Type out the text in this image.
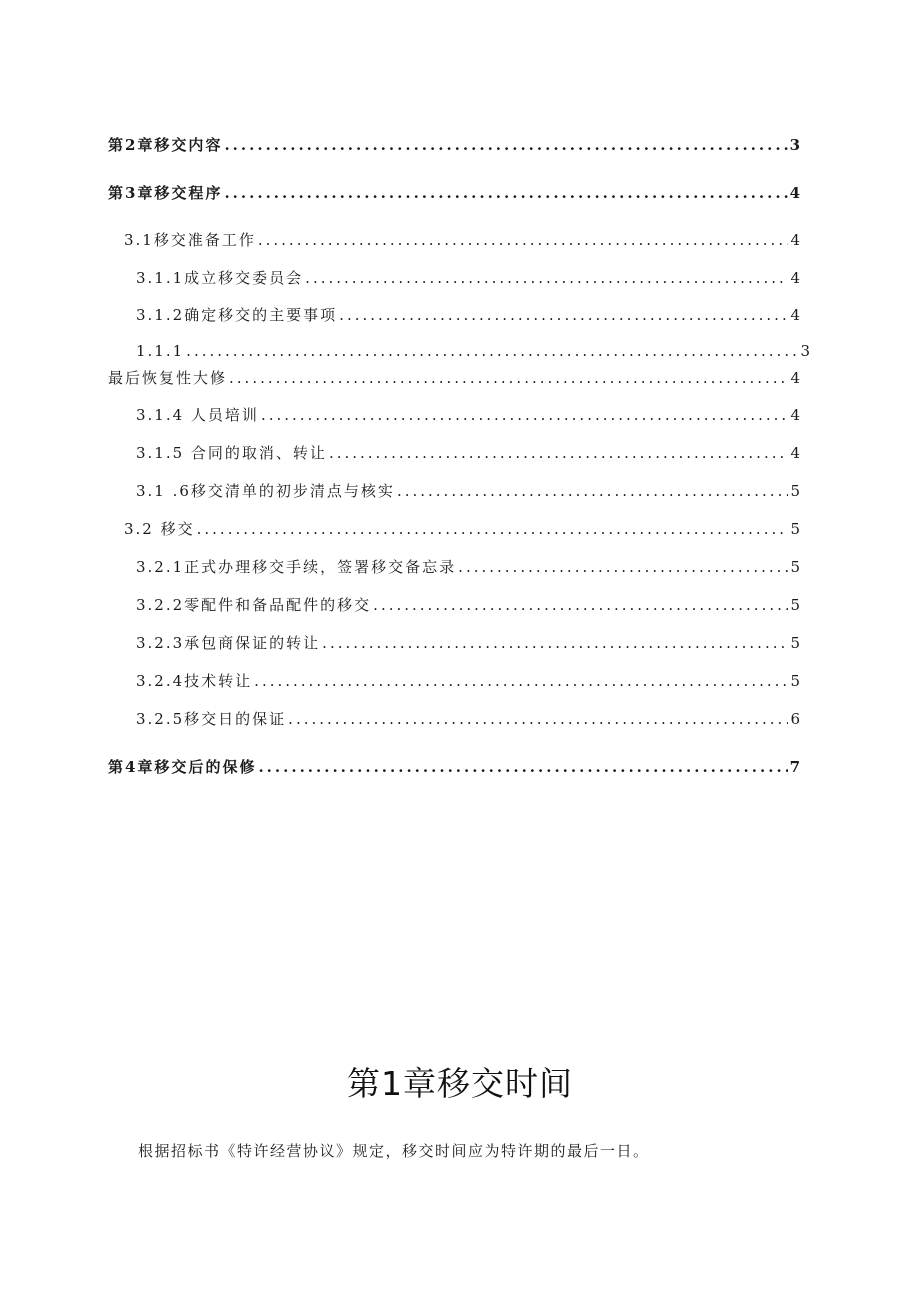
第2章移交内容 .....	3
第3章移交程序 .....	4
3.1移交准备工作 .....	4
3.1.1成立移交委员会 .....	4
3.1.2确定移交的主要事项 .....	4
1.1.1 .....	3
最后恢复性大修 .....	4
3.1.4 人员培训 .....	4
3.1.5 合同的取消、转让 .....	4
3.1 .6移交清单的初步清点与核实 .....	5
3.2 移交 .....	5
3.2.1正式办理移交手续，签署移交备忘录 .....	5
3.2.2零配件和备品配件的移交 .....	5
3.2.3承包商保证的转让 .....	5
3.2.4技术转让 .....	5
3.2.5移交日的保证 .....	6
第4章移交后的保修 .....	7
第1章移交时间
根据招标书《特许经营协议》规定，移交时间应为特许期的最后一日。
